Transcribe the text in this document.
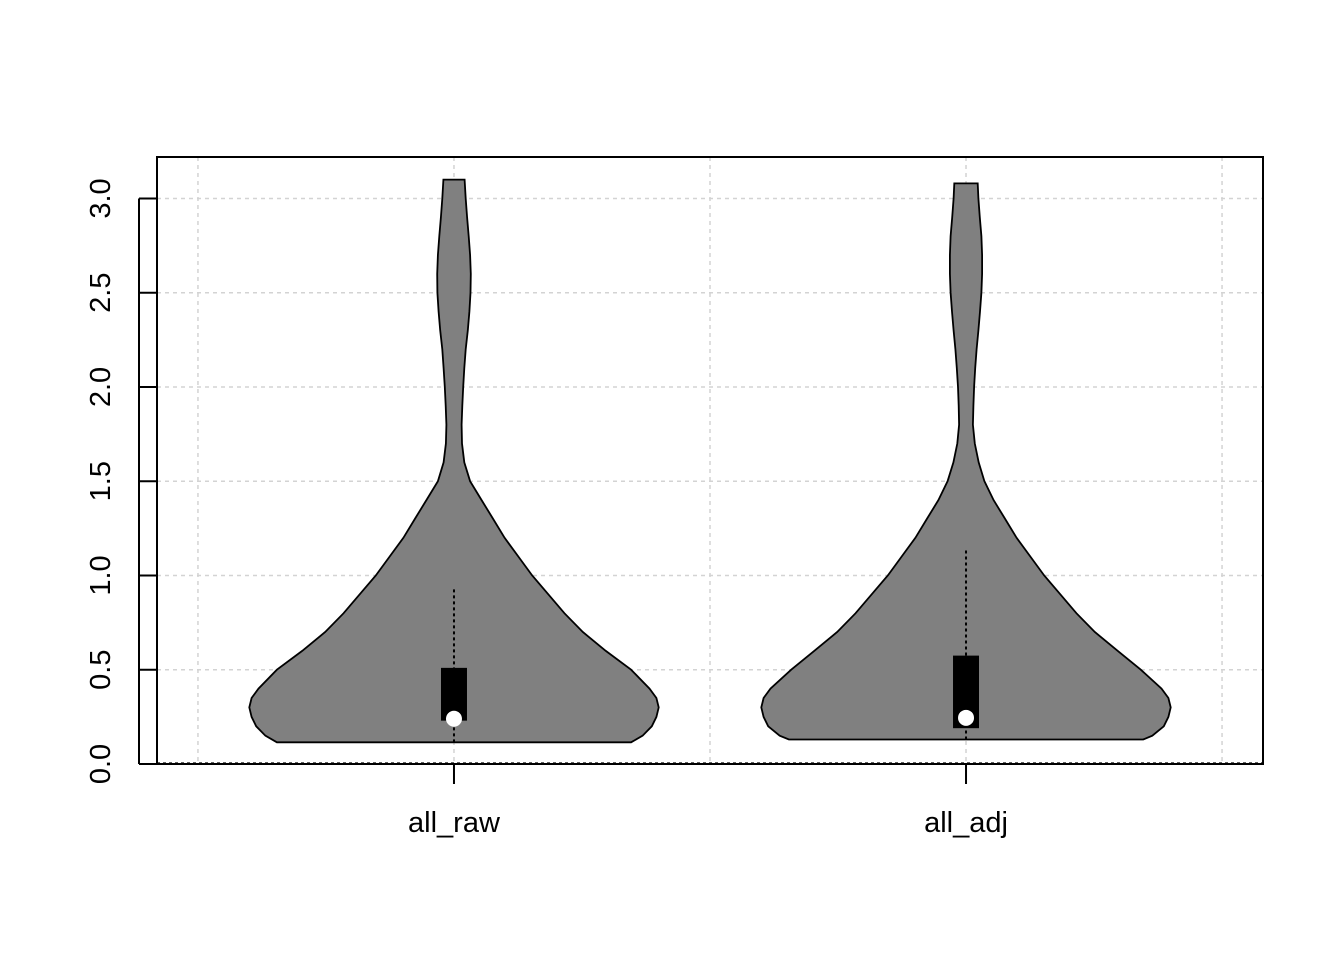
0.0
0.5
1.0
1.5
2.0
2.5
3.0
all_raw	all_adj
